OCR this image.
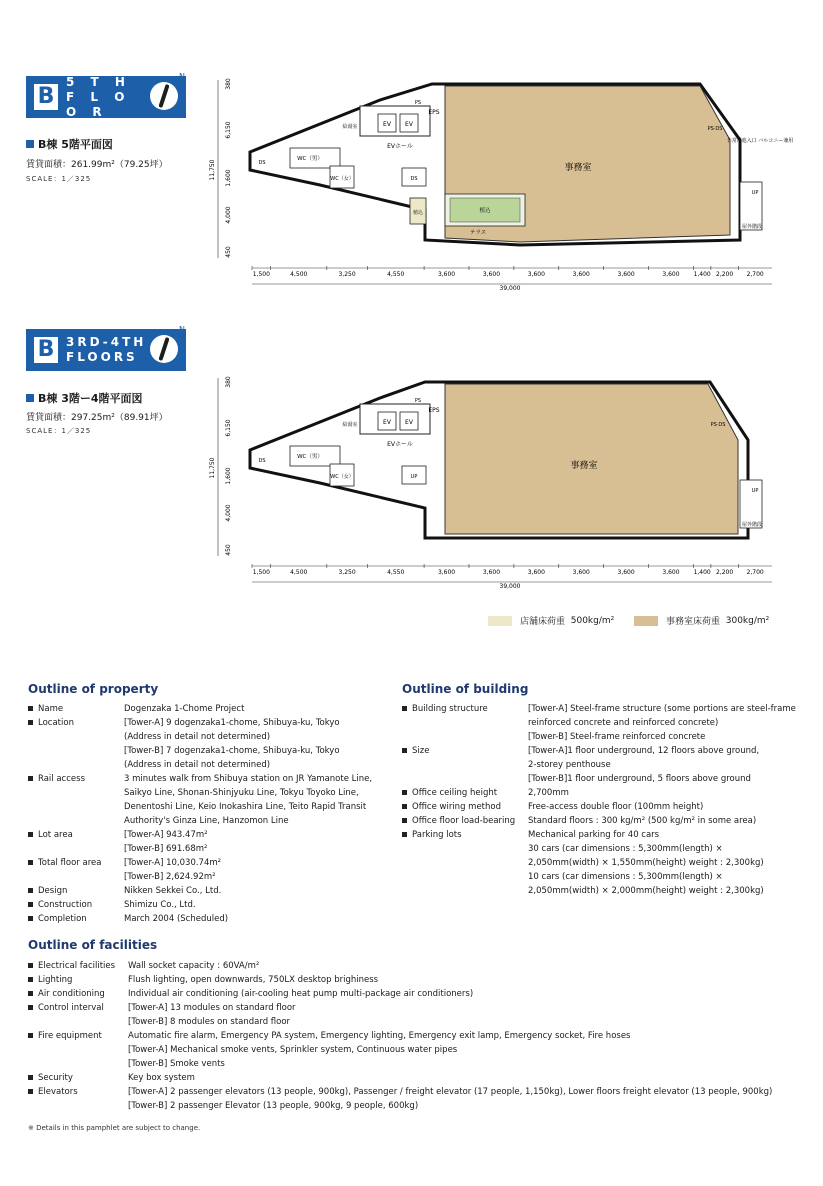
B
5 T H
F L O O R
N
B棟 5階平面図
賃貸面積：261.99m²（79.25坪）
SCALE：1／325
380
6,150
1,600
4,000
450
11,750
EV EV
給湯室
EVホール
EPS
PS
WC（男）
WC（女）
DS
DS
植込	植込
テラス
事務室
PS·DS
非常用進入口 バルコニー兼用
UP
屋外階段
1,500	4,500	3,250	4,550	3,600	3,600	3,600	3,600	3,600	3,600 1,400 2,200 2,700
39,000
B 3RD-4TH
FLOORS
N
B棟 3階ー4階平面図
賃貸面積：297.25m²（89.91坪）
SCALE：1／325
380
6,150
1,600
4,000
450
11,750
EV EV
給湯室
EVホール
EPS
PS
WC（男）
WC（女）
DS
UP
事務室
PS·DS
UP
屋外階段
1,500	4,500	3,250	4,550	3,600	3,600	3,600	3,600	3,600	3,600 1,400 2,200 2,700
39,000
店舗床荷重
500kg/m²	事務室床荷重
300kg/m²
Outline of property
Name	Dogenzaka 1-Chome Project
Location	[Tower-A] 9 dogenzaka1-chome, Shibuya-ku, Tokyo
(Address in detail not determined)
[Tower-B] 7 dogenzaka1-chome, Shibuya-ku, Tokyo
(Address in detail not determined)
Rail access	3 minutes walk from Shibuya station on JR Yamanote Line,
Saikyo Line, Shonan-Shinjyuku Line, Tokyu Toyoko Line,
Denentoshi Line, Keio Inokashira Line, Teito Rapid Transit
Authority's Ginza Line, Hanzomon Line
Lot area	[Tower-A] 943.47m²
[Tower-B] 691.68m²
Total floor area	[Tower-A] 10,030.74m²
[Tower-B] 2,624.92m²
Design	Nikken Sekkei Co., Ltd.
Construction	Shimizu Co., Ltd.
Completion	March 2004 (Scheduled)
Outline of building
Building structure	[Tower-A] Steel-frame structure (some portions are steel-frame
reinforced concrete and reinforced concrete)
[Tower-B] Steel-frame reinforced concrete
Size	[Tower-A]1 floor underground, 12 floors above ground,
2-storey penthouse
[Tower-B]1 floor underground, 5 floors above ground
Office ceiling height	2,700mm
Office wiring method	Free-access double floor (100mm height)
Office floor load-bearing	Standard floors : 300 kg/m² (500 kg/m² in some area)
Parking lots	Mechanical parking for 40 cars
30 cars (car dimensions : 5,300mm(length) ×
2,050mm(width) × 1,550mm(height) weight : 2,300kg)
10 cars (car dimensions : 5,300mm(length) ×
2,050mm(width) × 2,000mm(height) weight : 2,300kg)
Outline of facilities
Electrical facilities	Wall socket capacity : 60VA/m²
Lighting	Flush lighting, open downwards, 750LX desktop brighiness
Air conditioning	Individual air conditioning (air-cooling heat pump multi-package air conditioners)
Control interval	[Tower-A] 13 modules on standard floor
[Tower-B] 8 modules on standard floor
Fire equipment	Automatic fire alarm, Emergency PA system, Emergency lighting, Emergency exit lamp, Emergency socket, Fire hoses
[Tower-A] Mechanical smoke vents, Sprinkler system, Continuous water pipes
[Tower-B] Smoke vents
Security	Key box system
Elevators	[Tower-A] 2 passenger elevators (13 people, 900kg), Passenger / freight elevator (17 people, 1,150kg), Lower floors freight elevator (13 people, 900kg)
[Tower-B] 2 passenger Elevator (13 people, 900kg, 9 people, 600kg)
※ Details in this pamphlet are subject to change.
